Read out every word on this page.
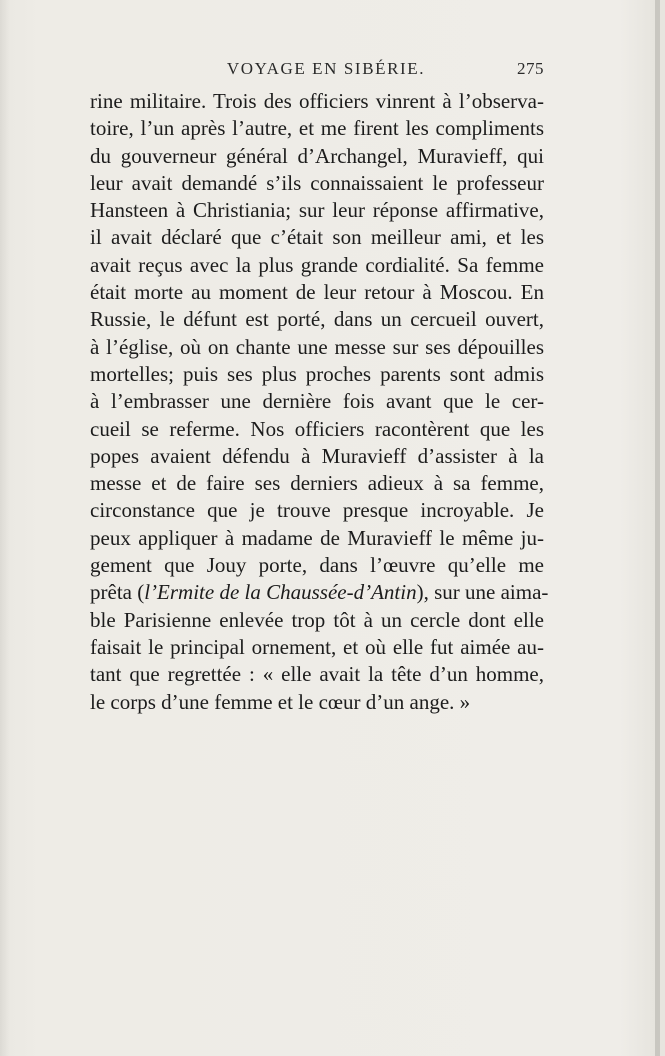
VOYAGE EN SIBÉRIE.	275
rine militaire. Trois des officiers vinrent à l’observa-
toire, l’un après l’autre, et me firent les compliments
du gouverneur général d’Archangel, Muravieff, qui
leur avait demandé s’ils connaissaient le professeur
Hansteen à Christiania; sur leur réponse affirmative,
il avait déclaré que c’était son meilleur ami, et les
avait reçus avec la plus grande cordialité. Sa femme
était morte au moment de leur retour à Moscou. En
Russie, le défunt est porté, dans un cercueil ouvert,
à l’église, où on chante une messe sur ses dépouilles
mortelles; puis ses plus proches parents sont admis
à l’embrasser une dernière fois avant que le cer-
cueil se referme. Nos officiers racontèrent que les
popes avaient défendu à Muravieff d’assister à la
messe et de faire ses derniers adieux à sa femme,
circonstance que je trouve presque incroyable. Je
peux appliquer à madame de Muravieff le même ju-
gement que Jouy porte, dans l’œuvre qu’elle me
prêta (l’Ermite de la Chaussée-d’Antin), sur une aima-
ble Parisienne enlevée trop tôt à un cercle dont elle
faisait le principal ornement, et où elle fut aimée au-
tant que regrettée : « elle avait la tête d’un homme,
le corps d’une femme et le cœur d’un ange. »
